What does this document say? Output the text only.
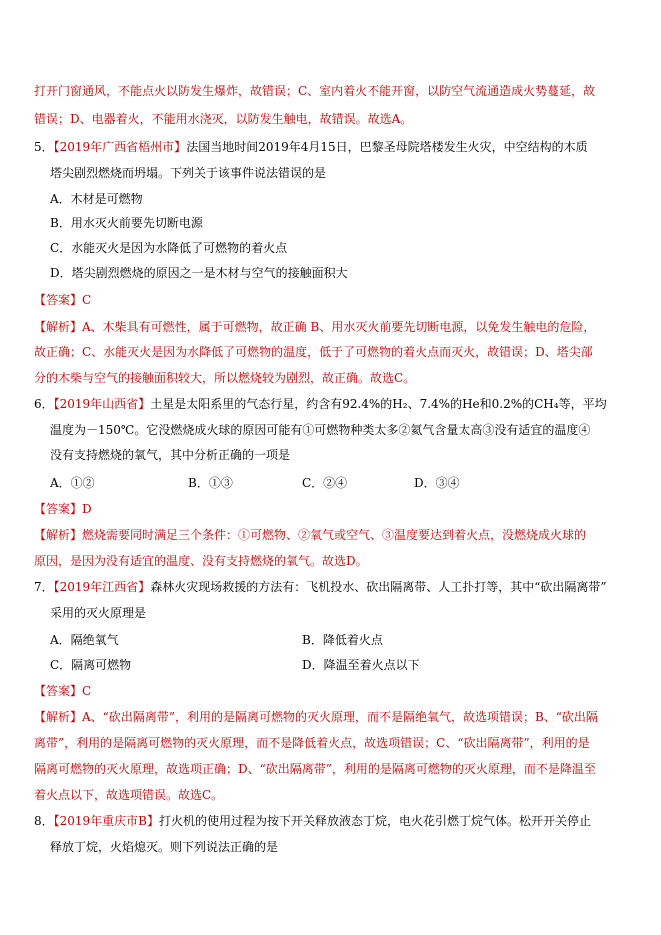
打开门窗通风，不能点火以防发生爆炸，故错误；C、室内着火不能开窗，以防空气流通造成火势蔓延，故
错误；D、电器着火，不能用水浇灭，以防发生触电，故错误。故选A。
5．【2019年广西省梧州市】法国当地时间2019年4月15日，巴黎圣母院塔楼发生火灾，中空结构的木质
塔尖剧烈燃烧而坍塌。下列关于该事件说法错误的是
A．木材是可燃物
B．用水灭火前要先切断电源
C．水能灭火是因为水降低了可燃物的着火点
D．塔尖剧烈燃烧的原因之一是木材与空气的接触面积大
【答案】C
【解析】A、木柴具有可燃性，属于可燃物，故正确 B、用水灭火前要先切断电源，以免发生触电的危险，
故正确；C、水能灭火是因为水降低了可燃物的温度，低于了可燃物的着火点而灭火，故错误；D、塔尖部
分的木柴与空气的接触面积较大，所以燃烧较为剧烈，故正确。故选C。
6．【2019年山西省】土星是太阳系里的气态行星，约含有92.4%的H₂、7.4%的He和0.2%的CH₄等，平均
温度为－150℃。它没燃烧成火球的原因可能有①可燃物种类太多②氦气含量太高③没有适宜的温度④
没有支持燃烧的氧气，其中分析正确的一项是
A．①②	B．①③	C．②④	D．③④
【答案】D
【解析】燃烧需要同时满足三个条件：①可燃物、②氧气或空气、③温度要达到着火点，没燃烧成火球的
原因，是因为没有适宜的温度、没有支持燃烧的氧气。故选D。
7．【2019年江西省】森林火灾现场救援的方法有：飞机投水、砍出隔离带、人工扑打等，其中“砍出隔离带”
采用的灭火原理是
A．隔绝氧气	B．降低着火点
C．隔离可燃物	D．降温至着火点以下
【答案】C
【解析】A、“砍出隔离带”，利用的是隔离可燃物的灭火原理，而不是隔绝氧气，故选项错误；B、“砍出隔
离带”，利用的是隔离可燃物的灭火原理，而不是降低着火点，故选项错误；C、“砍出隔离带”，利用的是
隔离可燃物的灭火原理，故选项正确；D、“砍出隔离带”，利用的是隔离可燃物的灭火原理，而不是降温至
着火点以下，故选项错误。故选C。
8．【2019年重庆市B】打火机的使用过程为按下开关释放液态丁烷，电火花引燃丁烷气体。松开开关停止
释放丁烷，火焰熄灭。则下列说法正确的是
